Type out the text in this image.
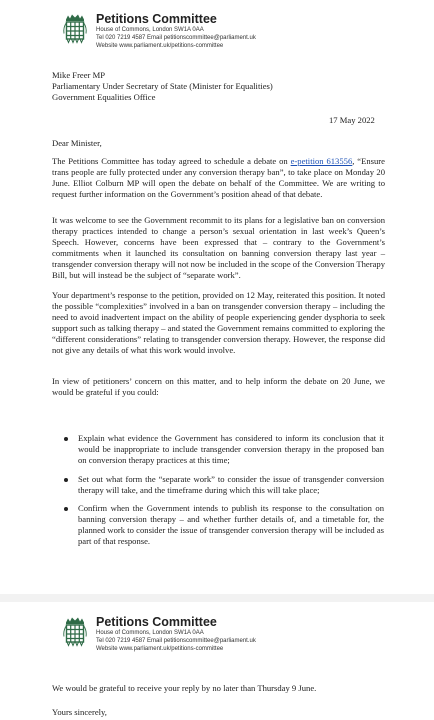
Petitions Committee
House of Commons, London SW1A 0AA
Tel 020 7219 4587 Email petitionscommittee@parliament.uk
Website www.parliament.uk/petitions-committee
Mike Freer MP
Parliamentary Under Secretary of State (Minister for Equalities)
Government Equalities Office
17 May 2022
Dear Minister,
The Petitions Committee has today agreed to schedule a debate on e-petition 613556, “Ensure trans people are fully protected under any conversion therapy ban”, to take place on Monday 20 June. Elliot Colburn MP will open the debate on behalf of the Committee. We are writing to request further information on the Government’s position ahead of that debate.
It was welcome to see the Government recommit to its plans for a legislative ban on conversion therapy practices intended to change a person’s sexual orientation in last week’s Queen’s Speech. However, concerns have been expressed that – contrary to the Government’s commitments when it launched its consultation on banning conversion therapy last year – transgender conversion therapy will not now be included in the scope of the Conversion Therapy Bill, but will instead be the subject of “separate work”.
Your department’s response to the petition, provided on 12 May, reiterated this position. It noted the possible “complexities” involved in a ban on transgender conversion therapy – including the need to avoid inadvertent impact on the ability of people experiencing gender dysphoria to seek support such as talking therapy – and stated the Government remains committed to exploring the “different considerations” relating to transgender conversion therapy. However, the response did not give any details of what this work would involve.
In view of petitioners’ concern on this matter, and to help inform the debate on 20 June, we would be grateful if you could:
Explain what evidence the Government has considered to inform its conclusion that it would be inappropriate to include transgender conversion therapy in the proposed ban on conversion therapy practices at this time;
Set out what form the “separate work” to consider the issue of transgender conversion therapy will take, and the timeframe during which this will take place;
Confirm when the Government intends to publish its response to the consultation on banning conversion therapy – and whether further details of, and a timetable for, the planned work to consider the issue of transgender conversion therapy will be included as part of that response.
Petitions Committee
House of Commons, London SW1A 0AA
Tel 020 7219 4587 Email petitionscommittee@parliament.uk
Website www.parliament.uk/petitions-committee
We would be grateful to receive your reply by no later than Thursday 9 June.
Yours sincerely,
